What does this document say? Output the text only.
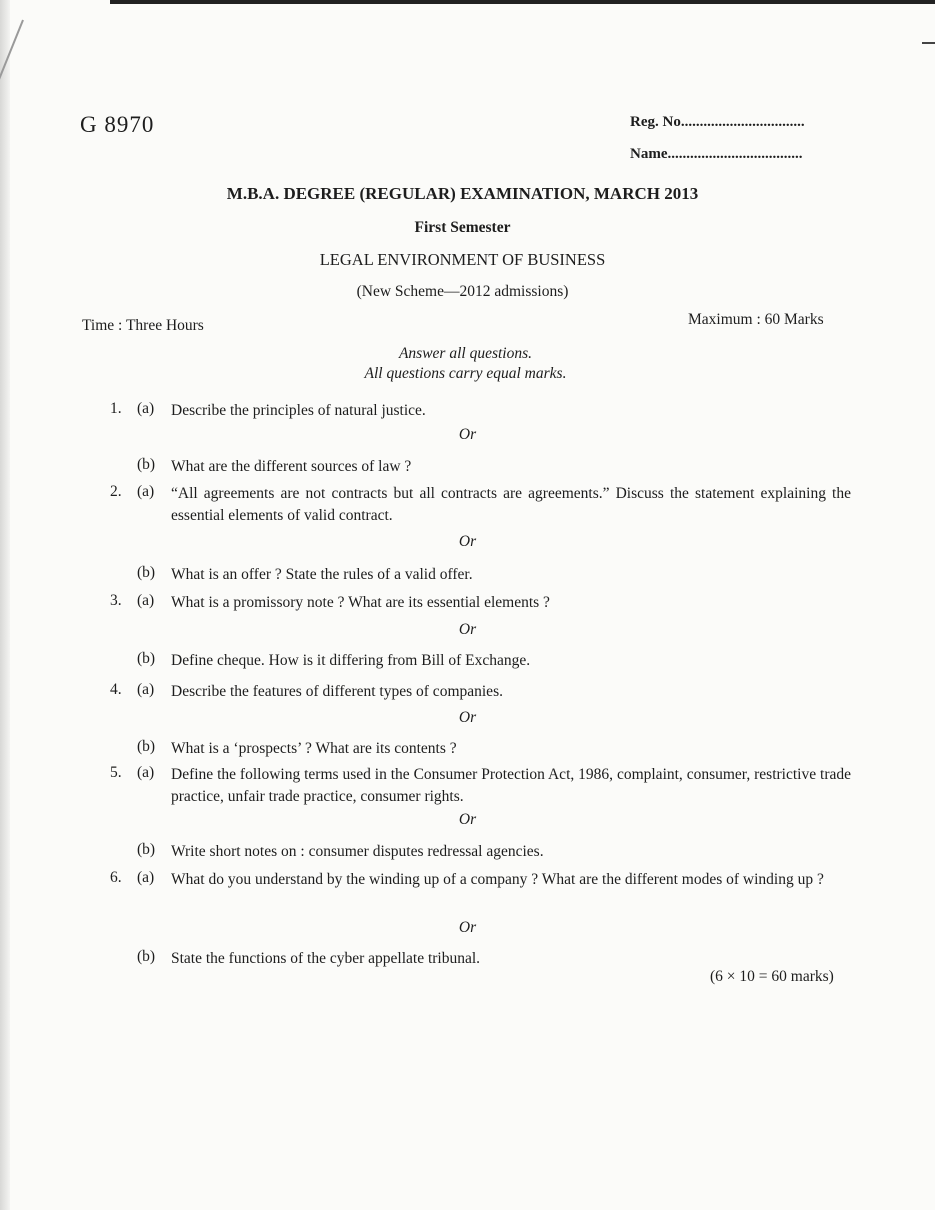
G 8970	Reg. No.................................
Name....................................
M.B.A. DEGREE (REGULAR) EXAMINATION, MARCH 2013
First Semester
LEGAL ENVIRONMENT OF BUSINESS
(New Scheme—2012 admissions)
Time : Three Hours	Maximum : 60 Marks
Answer all questions.
All questions carry equal marks.
1. (a) Describe the principles of natural justice.
Or
(b) What are the different sources of law ?
2. (a) “All agreements are not contracts but all contracts are agreements.” Discuss the statement explaining the essential elements of valid contract.
Or
(b) What is an offer ? State the rules of a valid offer.
3. (a) What is a promissory note ? What are its essential elements ?
Or
(b) Define cheque. How is it differing from Bill of Exchange.
4. (a) Describe the features of different types of companies.
Or
(b) What is a ‘prospects’ ? What are its contents ?
5. (a) Define the following terms used in the Consumer Protection Act, 1986, complaint, consumer, restrictive trade practice, unfair trade practice, consumer rights.
Or
(b) Write short notes on : consumer disputes redressal agencies.
6. (a) What do you understand by the winding up of a company ? What are the different modes of winding up ?
Or
(b) State the functions of the cyber appellate tribunal.
(6 × 10 = 60 marks)
